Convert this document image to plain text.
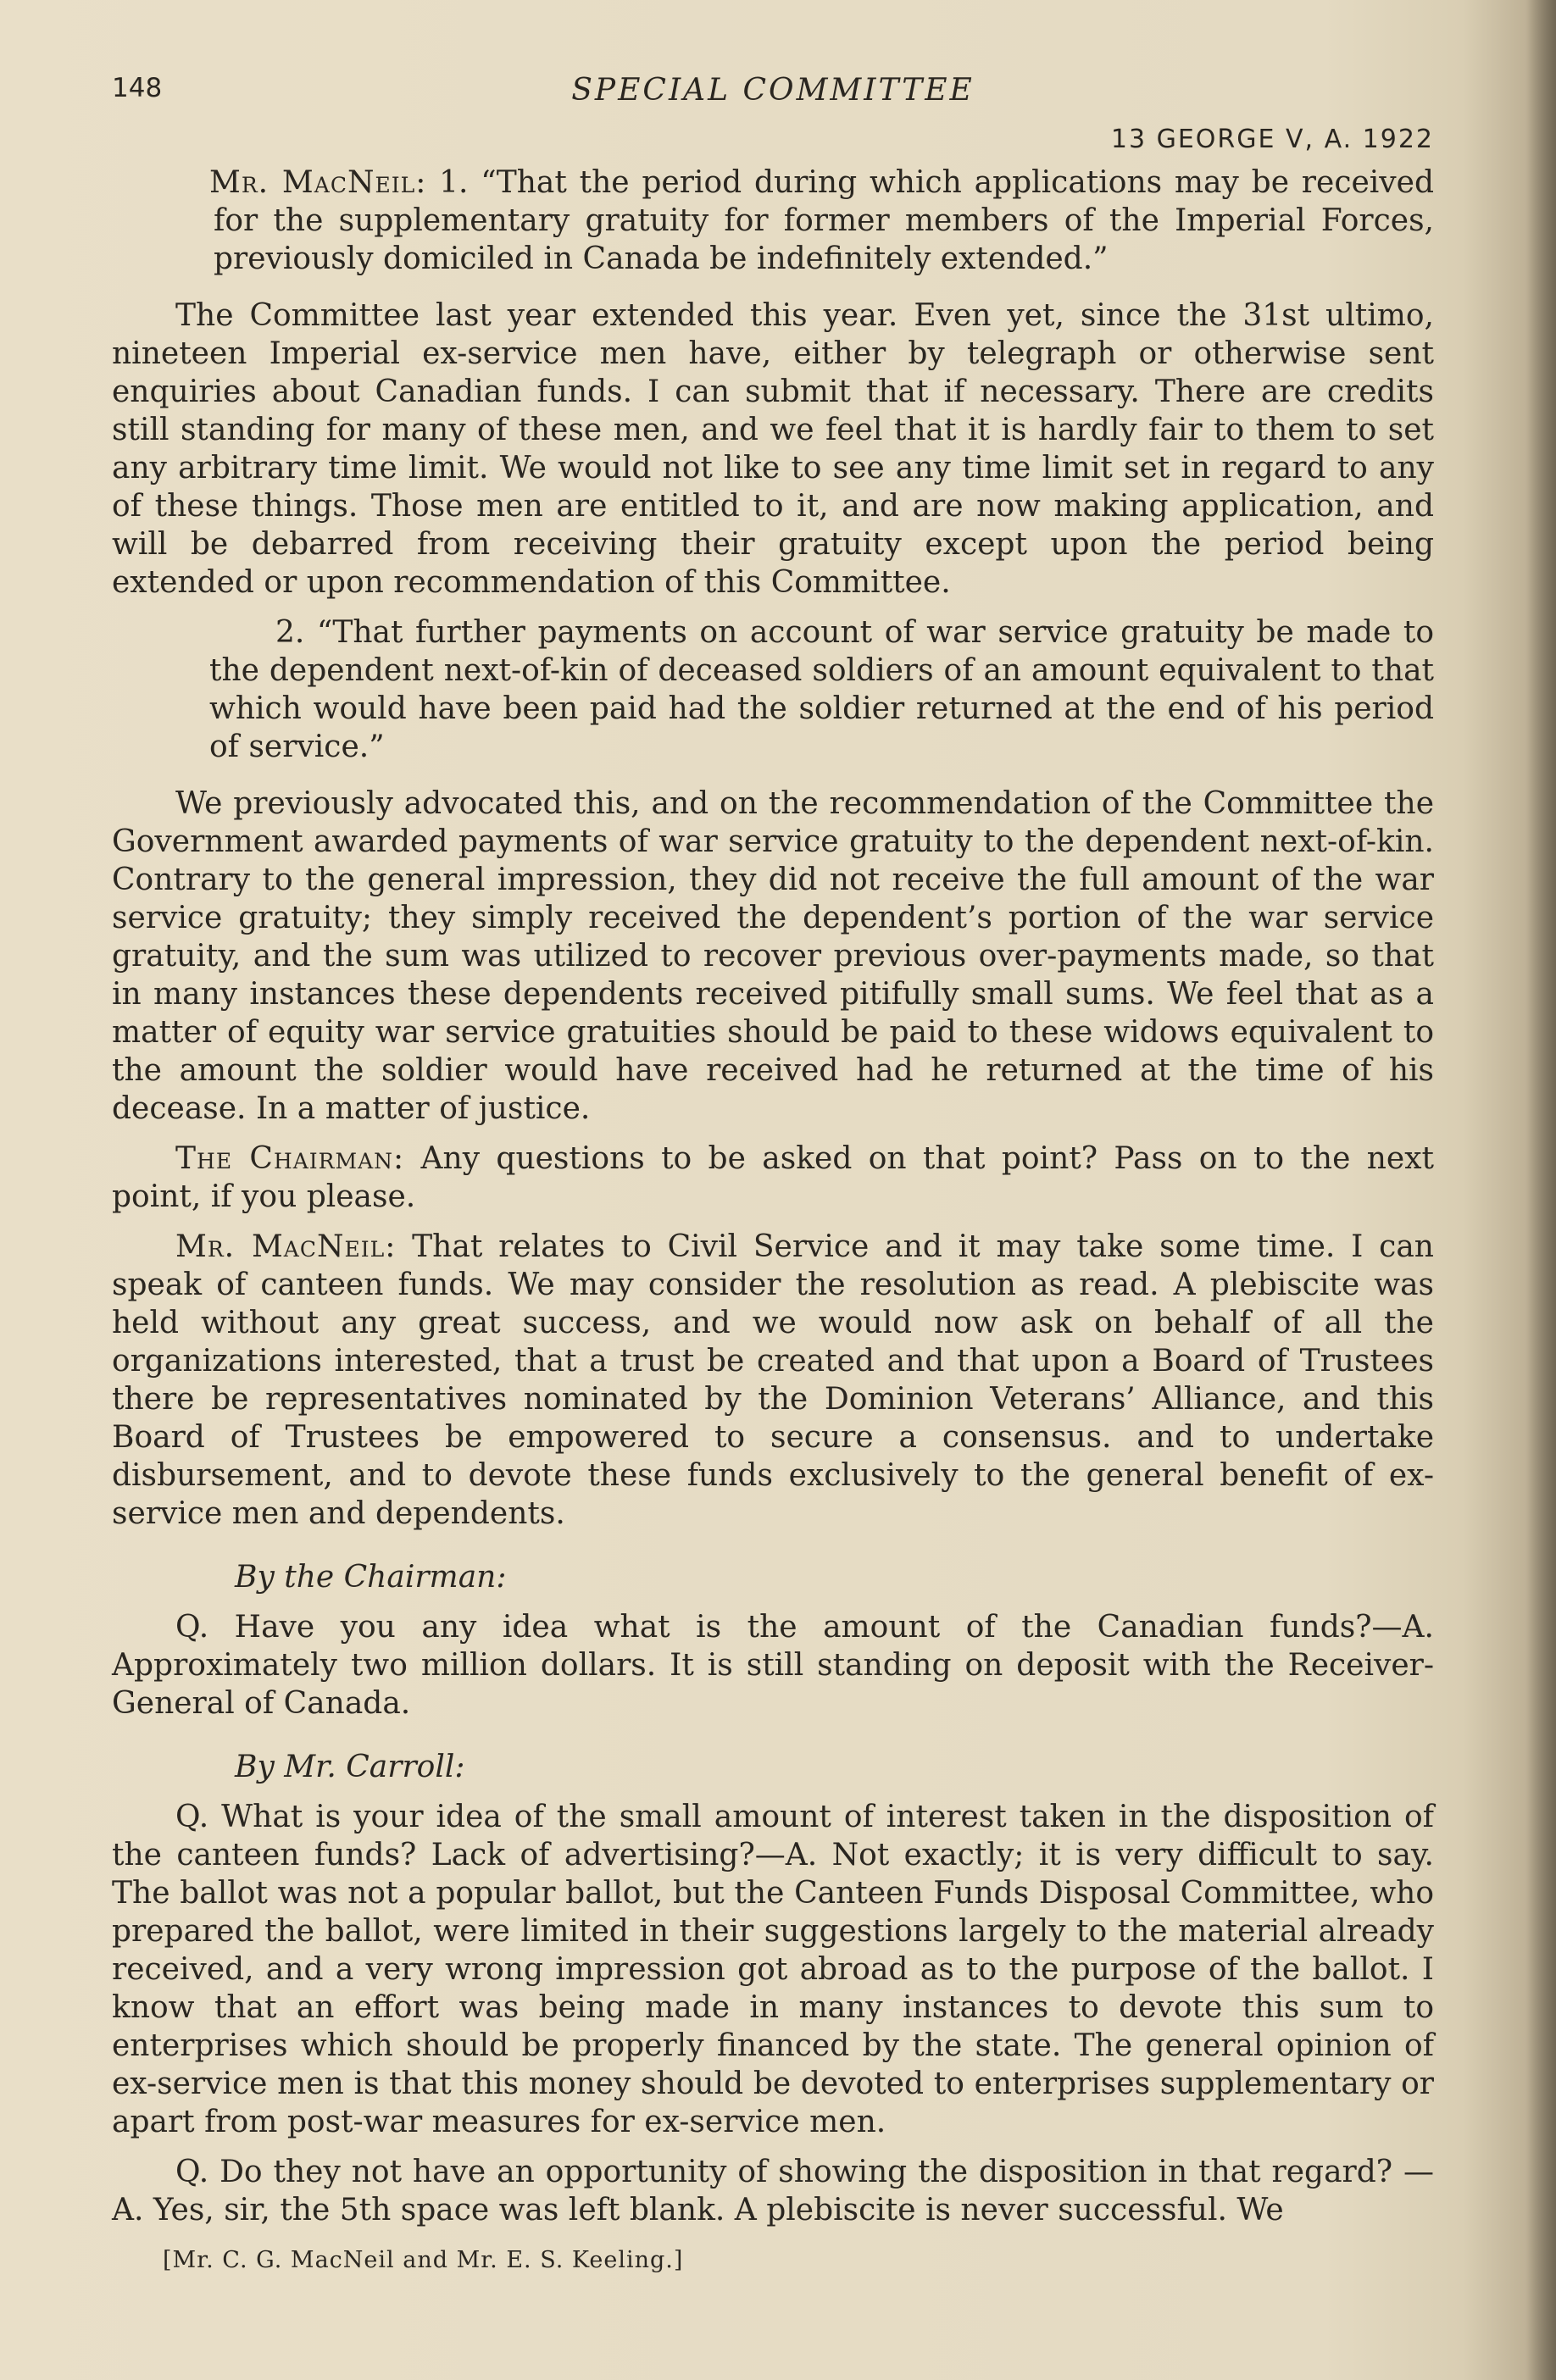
148	SPECIAL COMMITTEE
13 GEORGE V, A. 1922

Mr. MacNeil: 1. “That the period during which applications may be received for the supplementary gratuity for former members of the Imperial Forces, previously domiciled in Canada be indefinitely extended.”

The Committee last year extended this year. Even yet, since the 31st ultimo, nineteen Imperial ex-service men have, either by telegraph or otherwise sent enquiries about Canadian funds. I can submit that if necessary. There are credits still standing for many of these men, and we feel that it is hardly fair to them to set any arbitrary time limit. We would not like to see any time limit set in regard to any of these things. Those men are entitled to it, and are now making application, and will be debarred from receiving their gratuity except upon the period being extended or upon recommendation of this Committee.

2. “That further payments on account of war service gratuity be made to the dependent next-of-kin of deceased soldiers of an amount equivalent to that which would have been paid had the soldier returned at the end of his period of service.”

We previously advocated this, and on the recommendation of the Committee the Government awarded payments of war service gratuity to the dependent next-of-kin. Contrary to the general impression, they did not receive the full amount of the war service gratuity; they simply received the dependent’s portion of the war service gratuity, and the sum was utilized to recover previous over-payments made, so that in many instances these dependents received pitifully small sums. We feel that as a matter of equity war service gratuities should be paid to these widows equivalent to the amount the soldier would have received had he returned at the time of his decease. In a matter of justice.

The Chairman: Any questions to be asked on that point? Pass on to the next point, if you please.

Mr. MacNeil: That relates to Civil Service and it may take some time. I can speak of canteen funds. We may consider the resolution as read. A plebiscite was held without any great success, and we would now ask on behalf of all the organizations interested, that a trust be created and that upon a Board of Trustees there be representatives nominated by the Dominion Veterans’ Alliance, and this Board of Trustees be empowered to secure a consensus. and to undertake disbursement, and to devote these funds exclusively to the general benefit of ex-service men and dependents.

By the Chairman:

Q. Have you any idea what is the amount of the Canadian funds?—A. Approximately two million dollars. It is still standing on deposit with the Receiver-General of Canada.

By Mr. Carroll:

Q. What is your idea of the small amount of interest taken in the disposition of the canteen funds? Lack of advertising?—A. Not exactly; it is very difficult to say. The ballot was not a popular ballot, but the Canteen Funds Disposal Committee, who prepared the ballot, were limited in their suggestions largely to the material already received, and a very wrong impression got abroad as to the purpose of the ballot. I know that an effort was being made in many instances to devote this sum to enterprises which should be properly financed by the state. The general opinion of ex-service men is that this money should be devoted to enterprises supplementary or apart from post-war measures for ex-service men.

Q. Do they not have an opportunity of showing the disposition in that regard? —A. Yes, sir, the 5th space was left blank. A plebiscite is never successful. We

[Mr. C. G. MacNeil and Mr. E. S. Keeling.]
